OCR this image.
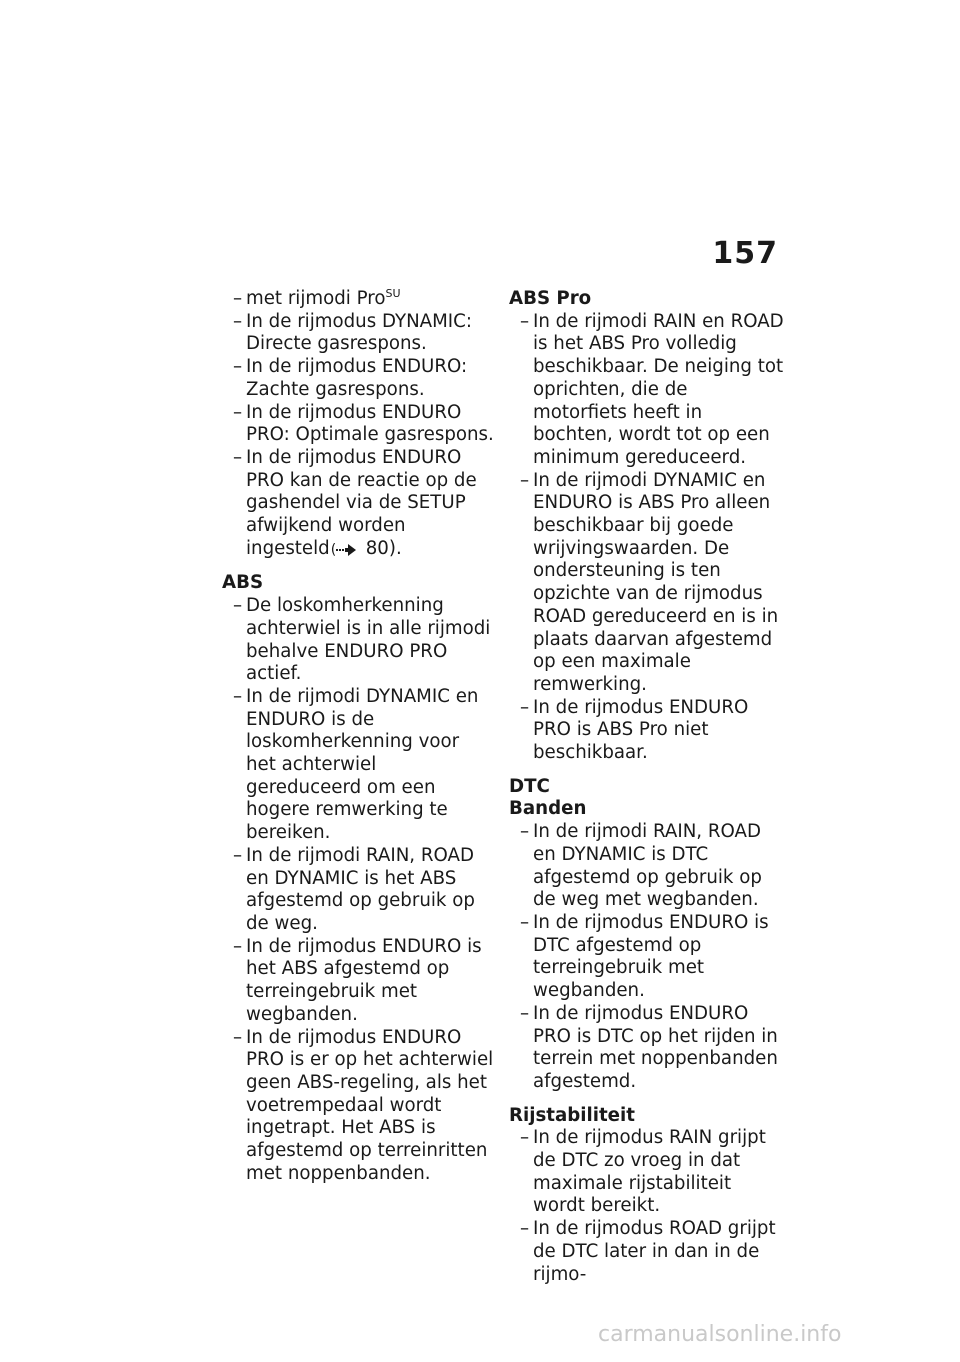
157
– met rijmodi Pro$^{SU}$
– In de rijmodus DYNAMIC: Directe gasrespons.
– In de rijmodus ENDURO: Zachte gasrespons.
– In de rijmodus ENDURO PRO: Optimale gasrespons.
– In de rijmodus ENDURO PRO kan de reactie op de gashendel via de SETUP afwijkend worden ingesteld( 80).

ABS

– De loskomherkenning achterwiel is in alle rijmodi behalve ENDURO PRO actief.
– In de rijmodi DYNAMIC en ENDURO is de loskomherkenning voor het achterwiel gereduceerd om een hogere remwerking te bereiken.
– In de rijmodi RAIN, ROAD en DYNAMIC is het ABS afgestemd op gebruik op de weg.
– In de rijmodus ENDURO is het ABS afgestemd op terreingebruik met wegbanden.
– In de rijmodus ENDURO PRO is er op het achterwiel geen ABS-regeling, als het voetrempedaal wordt ingetrapt. Het ABS is afgestemd op terreinritten met noppenbanden.

ABS Pro

– In de rijmodi RAIN en ROAD is het ABS Pro volledig beschikbaar. De neiging tot oprichten, die de motorfiets heeft in bochten, wordt tot op een minimum gereduceerd.
– In de rijmodi DYNAMIC en ENDURO is ABS Pro alleen beschikbaar bij goede wrijvingswaarden. De ondersteuning is ten opzichte van de rijmodus ROAD gereduceerd en is in plaats daarvan afgestemd op een maximale remwerking.
– In de rijmodus ENDURO PRO is ABS Pro niet beschikbaar.

DTC

Banden

– In de rijmodi RAIN, ROAD en DYNAMIC is DTC afgestemd op gebruik op de weg met wegbanden.
– In de rijmodus ENDURO is DTC afgestemd op terreingebruik met wegbanden.
– In de rijmodus ENDURO PRO is DTC op het rijden in terrein met noppenbanden afgestemd.

Rijstabiliteit

– In de rijmodus RAIN grijpt de DTC zo vroeg in dat maximale rijstabiliteit wordt bereikt.
– In de rijmodus ROAD grijpt de DTC later in dan in de rijmo-
carmanualsonline.info
